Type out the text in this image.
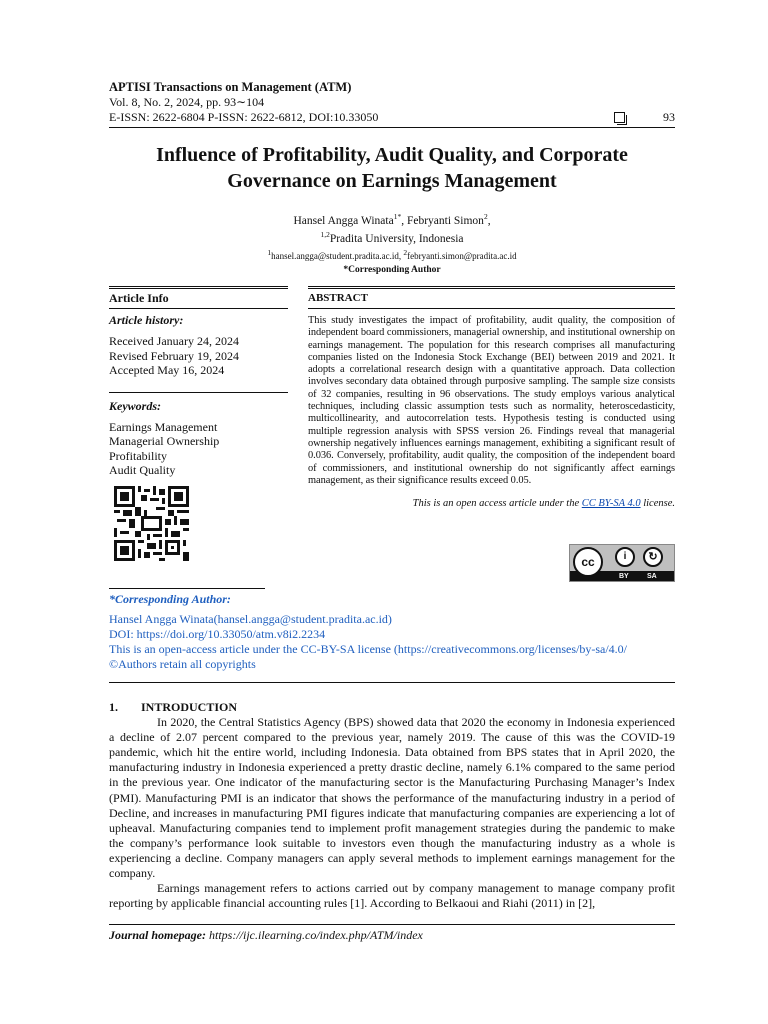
APTISI Transactions on Management (ATM)
Vol. 8, No. 2, 2024, pp. 93∼104
E-ISSN: 2622-6804 P-ISSN: 2622-6812, DOI:10.33050	93
Influence of Profitability, Audit Quality, and Corporate
Governance on Earnings Management
Hansel Angga Winata$^{1*}$, Febryanti Simon$^2$,
$^{1,2}$Pradita University, Indonesia
$^1$hansel.angga@student.pradita.ac.id, $^2$febryanti.simon@pradita.ac.id
*Corresponding Author
Article Info
Article history:
Received January 24, 2024
Revised February 19, 2024
Accepted May 16, 2024
Keywords:
Earnings Management
Managerial Ownership
Profitability
Audit Quality
ABSTRACT
This study investigates the impact of profitability, audit quality, the composition of independent board commissioners, managerial ownership, and institutional ownership on earnings management. The population for this research comprises all manufacturing companies listed on the Indonesia Stock Exchange (BEI) between 2019 and 2021. It adopts a correlational research design with a quantitative approach. Data collection involves secondary data obtained through purposive sampling. The sample size consists of 32 companies, resulting in 96 observations. The study employs various analytical techniques, including classic assumption tests such as normality, heteroscedasticity, multicollinearity, and autocorrelation tests. Hypothesis testing is conducted using multiple regression analysis with SPSS version 26. Findings reveal that managerial ownership negatively influences earnings management, exhibiting a significant result of 0.036. Conversely, profitability, audit quality, the composition of the independent board of commissioners, and institutional ownership do not significantly affect earnings management, as their significance results exceed 0.05.
This is an open access article under the CC BY-SA 4.0 license.
cc	i	↻
BY	SA
*Corresponding Author:
Hansel Angga Winata(hansel.angga@student.pradita.ac.id)
DOI: https://doi.org/10.33050/atm.v8i2.2234
This is an open-access article under the CC-BY-SA license (https://creativecommons.org/licenses/by-sa/4.0/
©Authors retain all copyrights
1. INTRODUCTION

In 2020, the Central Statistics Agency (BPS) showed data that 2020 the economy in Indonesia experienced a decline of 2.07 percent compared to the previous year, namely 2019. The cause of this was the COVID-19 pandemic, which hit the entire world, including Indonesia. Data obtained from BPS states that in April 2020, the manufacturing industry in Indonesia experienced a pretty drastic decline, namely 6.1% compared to the same period in the previous year. One indicator of the manufacturing sector is the Manufacturing Purchasing Manager’s Index (PMI). Manufacturing PMI is an indicator that shows the performance of the manufacturing industry in a period of Decline, and increases in manufacturing PMI figures indicate that manufacturing companies are experiencing a lot of upheaval. Manufacturing companies tend to implement profit management strategies during the pandemic to make the company’s performance look suitable to investors even though the manufacturing industry as a whole is experiencing a decline. Company managers can apply several methods to implement earnings management for the company.

Earnings management refers to actions carried out by company management to manage company profit reporting by applicable financial accounting rules [1]. According to Belkaoui and Riahi (2011) in [2],

Journal homepage: https://ijc.ilearning.co/index.php/ATM/index
